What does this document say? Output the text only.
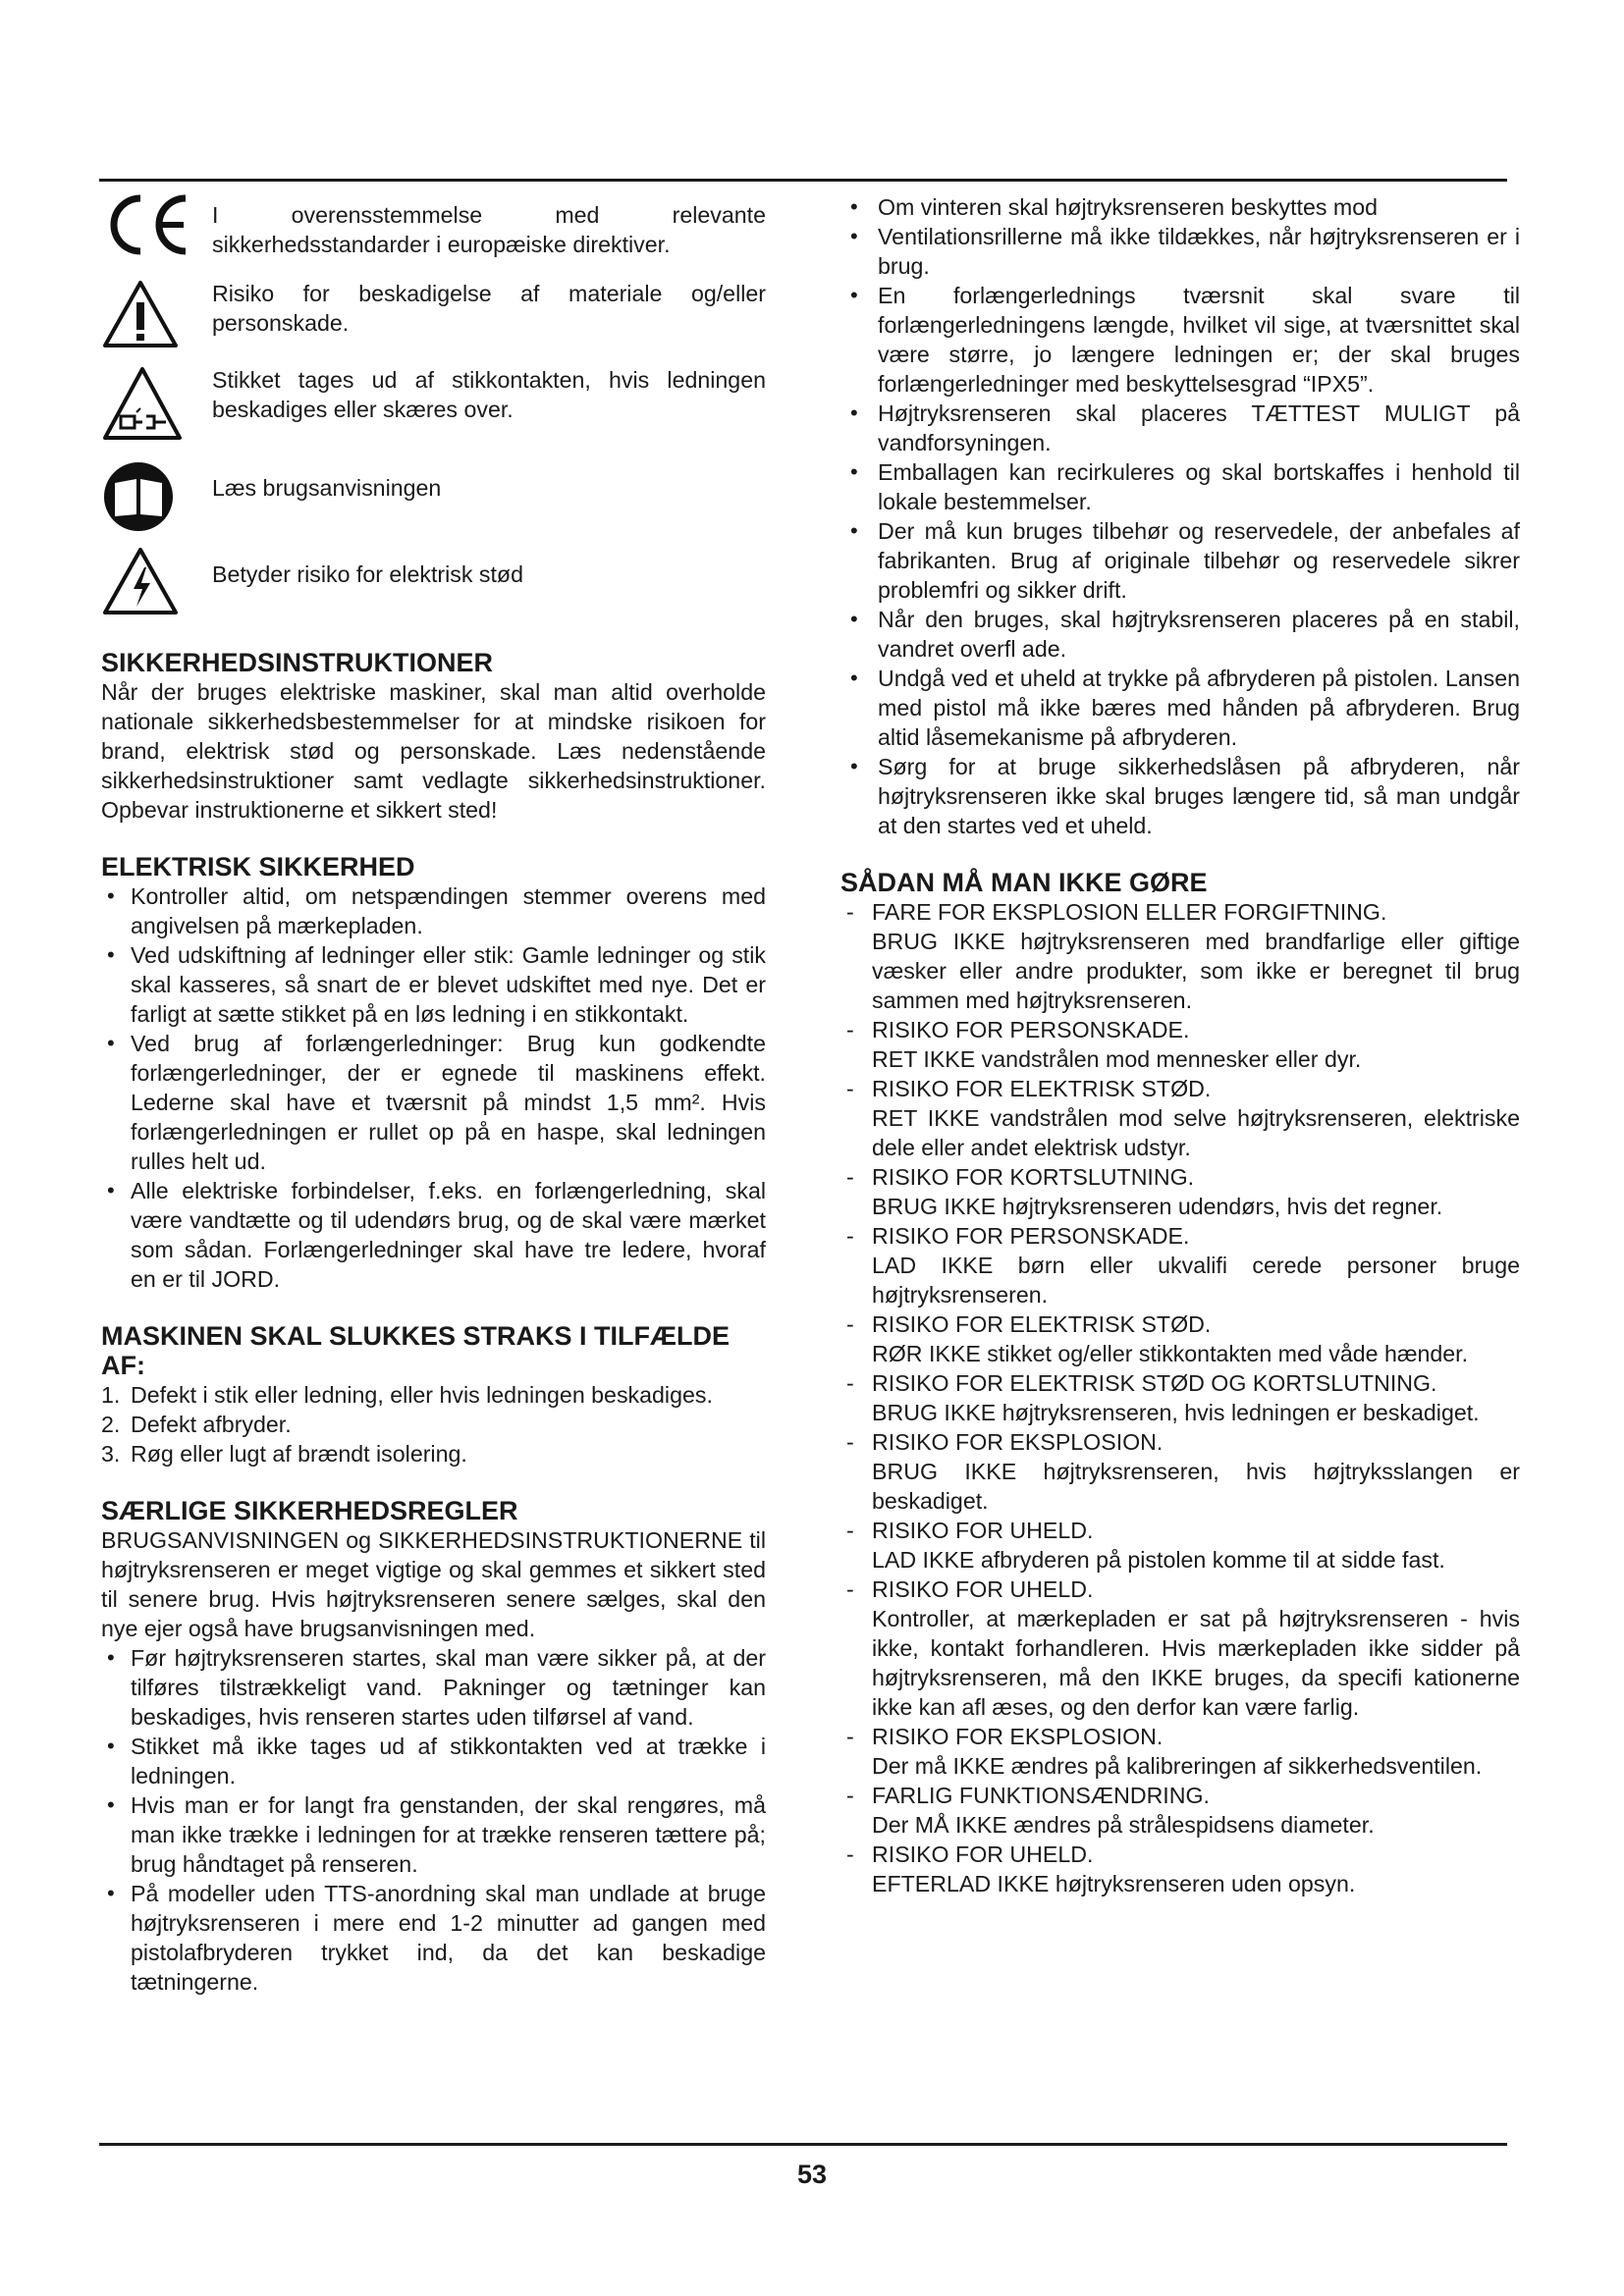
I overensstemmelse med relevante sikkerhedsstandarder i europæiske direktiver.

Risiko for beskadigelse af materiale og/eller personskade.

Stikket tages ud af stikkontakten, hvis ledningen beskadiges eller skæres over.

Læs brugsanvisningen

Betyder risiko for elektrisk stød

SIKKERHEDSINSTRUKTIONER

Når der bruges elektriske maskiner, skal man altid overholde nationale sikkerhedsbestemmelser for at mindske risikoen for brand, elektrisk stød og personskade. Læs nedenstående sikkerhedsinstruktioner samt vedlagte sikkerhedsinstruktioner. Opbevar instruktionerne et sikkert sted!

ELEKTRISK SIKKERHED
• Kontroller altid, om netspændingen stemmer overens med angivelsen på mærkepladen.
• Ved udskiftning af ledninger eller stik: Gamle ledninger og stik skal kasseres, så snart de er blevet udskiftet med nye. Det er farligt at sætte stikket på en løs ledning i en stikkontakt.
• Ved brug af forlængerledninger: Brug kun godkendte forlængerledninger, der er egnede til maskinens effekt. Lederne skal have et tværsnit på mindst 1,5 mm². Hvis forlængerledningen er rullet op på en haspe, skal ledningen rulles helt ud.
• Alle elektriske forbindelser, f.eks. en forlængerledning, skal være vandtætte og til udendørs brug, og de skal være mærket som sådan. Forlængerledninger skal have tre ledere, hvoraf en er til JORD.
MASKINEN SKAL SLUKKES STRAKS I TILFÆLDE AF:
1. Defekt i stik eller ledning, eller hvis ledningen beskadiges.
2. Defekt afbryder.
3. Røg eller lugt af brændt isolering.
SÆRLIGE SIKKERHEDSREGLER

BRUGSANVISNINGEN og SIKKERHEDSINSTRUKTIONERNE til højtryksrenseren er meget vigtige og skal gemmes et sikkert sted til senere brug. Hvis højtryksrenseren senere sælges, skal den nye ejer også have brugsanvisningen med.

• Før højtryksrenseren startes, skal man være sikker på, at der tilføres tilstrækkeligt vand. Pakninger og tætninger kan beskadiges, hvis renseren startes uden tilførsel af vand.
• Stikket må ikke tages ud af stikkontakten ved at trække i ledningen.
• Hvis man er for langt fra genstanden, der skal rengøres, må man ikke trække i ledningen for at trække renseren tættere på; brug håndtaget på renseren.
• På modeller uden TTS-anordning skal man undlade at bruge højtryksrenseren i mere end 1-2 minutter ad gangen med pistolafbryderen trykket ind, da det kan beskadige tætningerne.
• Om vinteren skal højtryksrenseren beskyttes mod
• Ventilationsrillerne må ikke tildækkes, når højtryksrenseren er i brug.
• En forlængerlednings tværsnit skal svare til forlængerledningens længde, hvilket vil sige, at tværsnittet skal være større, jo længere ledningen er; der skal bruges forlængerledninger med beskyttelsesgrad “IPX5”.
• Højtryksrenseren skal placeres TÆTTEST MULIGT på vandforsyningen.
• Emballagen kan recirkuleres og skal bortskaffes i henhold til lokale bestemmelser.
• Der må kun bruges tilbehør og reservedele, der anbefales af fabrikanten. Brug af originale tilbehør og reservedele sikrer problemfri og sikker drift.
• Når den bruges, skal højtryksrenseren placeres på en stabil, vandret overfl ade.
• Undgå ved et uheld at trykke på afbryderen på pistolen. Lansen med pistol må ikke bæres med hånden på afbryderen. Brug altid låsemekanisme på afbryderen.
• Sørg for at bruge sikkerhedslåsen på afbryderen, når højtryksrenseren ikke skal bruges længere tid, så man undgår at den startes ved et uheld.
SÅDAN MÅ MAN IKKE GØRE
- FARE FOR EKSPLOSION ELLER FORGIFTNING.
BRUG IKKE højtryksrenseren med brandfarlige eller giftige væsker eller andre produkter, som ikke er beregnet til brug sammen med højtryksrenseren.
- RISIKO FOR PERSONSKADE.
RET IKKE vandstrålen mod mennesker eller dyr.
- RISIKO FOR ELEKTRISK STØD.
RET IKKE vandstrålen mod selve højtryksrenseren, elektriske dele eller andet elektrisk udstyr.
- RISIKO FOR KORTSLUTNING.
BRUG IKKE højtryksrenseren udendørs, hvis det regner.
- RISIKO FOR PERSONSKADE.
LAD IKKE børn eller ukvalifi cerede personer bruge højtryksrenseren.
- RISIKO FOR ELEKTRISK STØD.
RØR IKKE stikket og/eller stikkontakten med våde hænder.
- RISIKO FOR ELEKTRISK STØD OG KORTSLUTNING.
BRUG IKKE højtryksrenseren, hvis ledningen er beskadiget.
- RISIKO FOR EKSPLOSION.
BRUG IKKE højtryksrenseren, hvis højtryksslangen er beskadiget.
- RISIKO FOR UHELD.
LAD IKKE afbryderen på pistolen komme til at sidde fast.
- RISIKO FOR UHELD.
Kontroller, at mærkepladen er sat på højtryksrenseren - hvis ikke, kontakt forhandleren. Hvis mærkepladen ikke sidder på højtryksrenseren, må den IKKE bruges, da specifi kationerne ikke kan afl æses, og den derfor kan være farlig.
- RISIKO FOR EKSPLOSION.
Der må IKKE ændres på kalibreringen af sikkerhedsventilen.
- FARLIG FUNKTIONSÆNDRING.
Der MÅ IKKE ændres på strålespidsens diameter.
- RISIKO FOR UHELD.
EFTERLAD IKKE højtryksrenseren uden opsyn.
53
